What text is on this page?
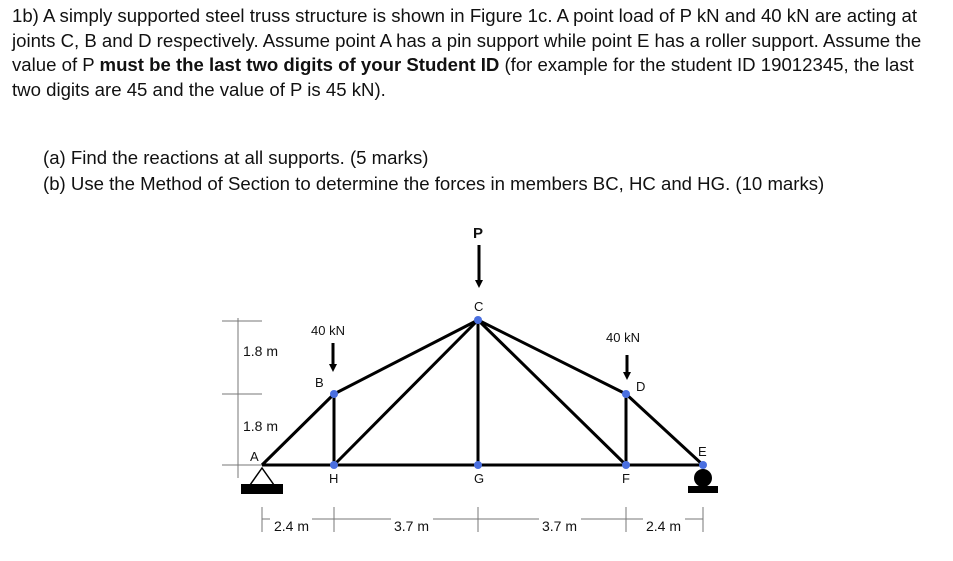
1b) A simply supported steel truss structure is shown in Figure 1c. A point load of P kN and 40 kN are acting at joints C, B and D respectively. Assume point A has a pin support while point E has a roller support. Assume the value of P must be the last two digits of your Student ID (for example for the student ID 19012345, the last two digits are 45 and the value of P is 45 kN).

(a) Find the reactions at all supports. (5 marks)

(b) Use the Method of Section to determine the forces in members BC, HC and HG. (10 marks)

P
40 kN	40 kN
C
B	D
A	E
H	G	F
1.8 m
1.8 m
2.4 m	3.7 m	3.7 m	2.4 m
